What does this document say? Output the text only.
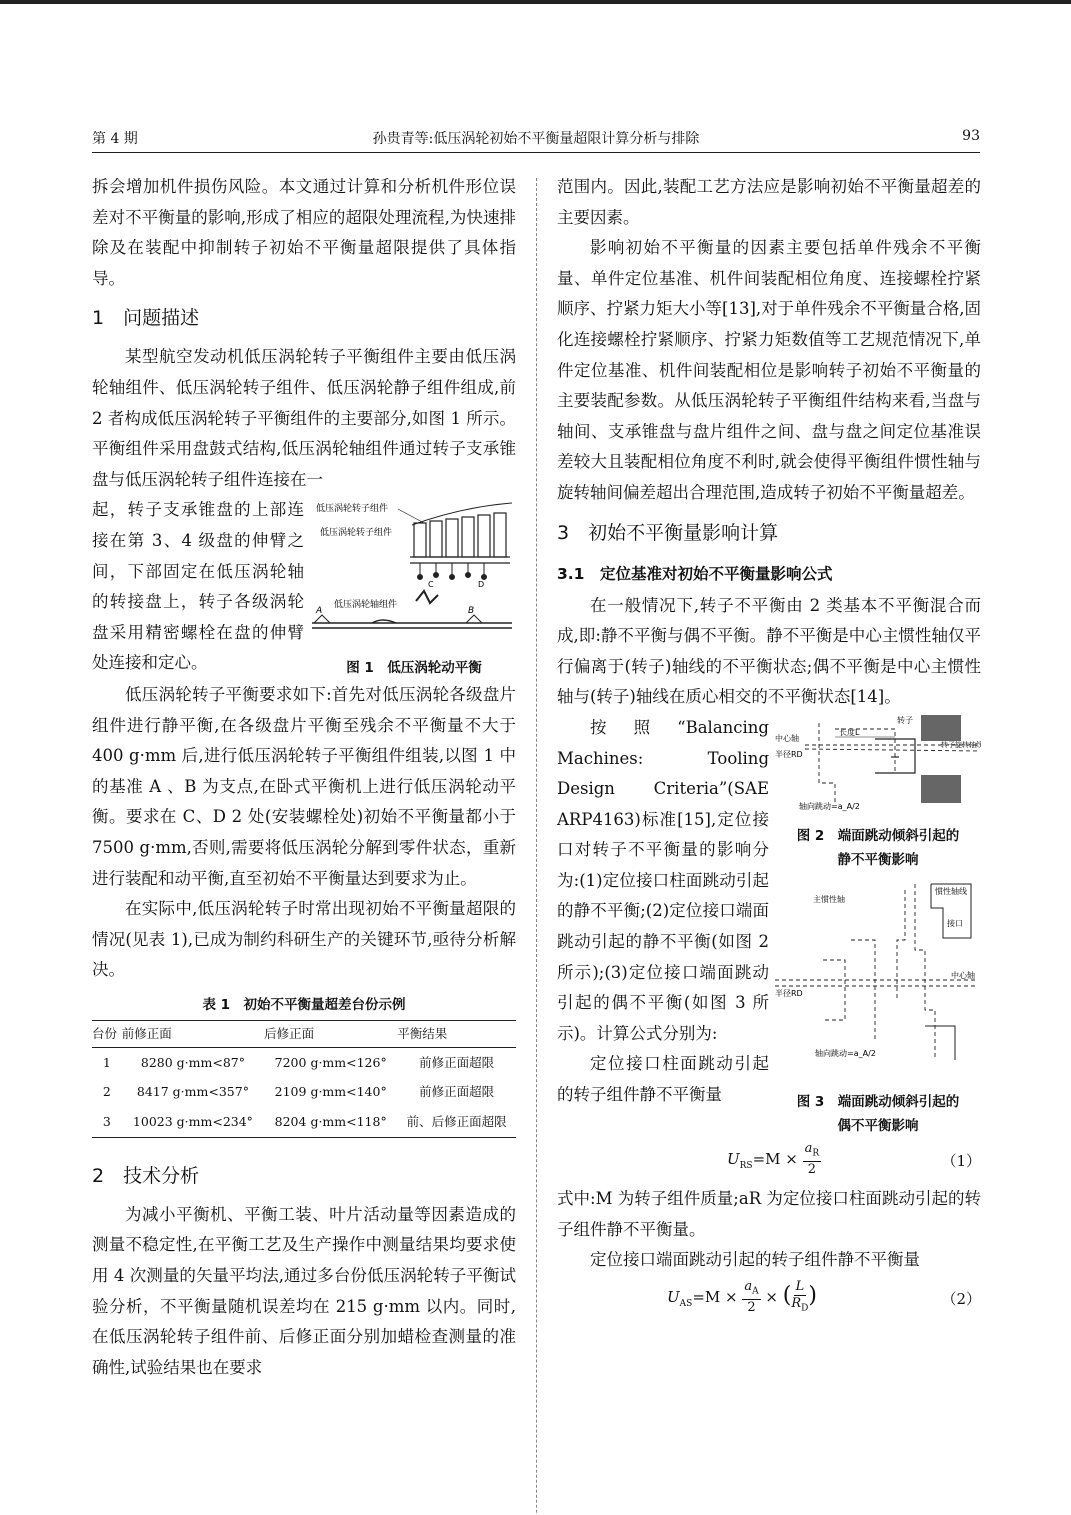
第 4 期	孙贵青等:低压涡轮初始不平衡量超限计算分析与排除	93

拆会增加机件损伤风险。本文通过计算和分析机件形位误差对不平衡量的影响,形成了相应的超限处理流程,为快速排除及在装配中抑制转子初始不平衡量超限提供了具体指导。

1　问题描述

某型航空发动机低压涡轮转子平衡组件主要由低压涡轮轴组件、低压涡轮转子组件、低压涡轮静子组件组成,前 2 者构成低压涡轮转子平衡组件的主要部分,如图 1 所示。平衡组件采用盘鼓式结构,低压涡轮轴组件通过转子支承锥盘与低压涡轮转子组件连接在一

起，转子支承锥盘的上部连接在第 3、4 级盘的伸臂之间，下部固定在低压涡轮轴的转接盘上，转子各级涡轮盘采用精密螺栓在盘的伸臂处连接和定心。

低压涡轮转子组件
低压涡轮转子组件
C	D
低压涡轮轴组件
A	B
图 1　低压涡轮动平衡

低压涡轮转子平衡要求如下:首先对低压涡轮各级盘片组件进行静平衡,在各级盘片平衡至残余不平衡量不大于 400 g·mm 后,进行低压涡轮转子平衡组件组装,以图 1 中的基准 A 、B 为支点,在卧式平衡机上进行低压涡轮动平衡。要求在 C、D 2 处(安装螺栓处)初始不平衡量都小于 7500 g·mm,否则,需要将低压涡轮分解到零件状态，重新进行装配和动平衡,直至初始不平衡量达到要求为止。

在实际中,低压涡轮转子时常出现初始不平衡量超限的情况(见表 1),已成为制约科研生产的关键环节,亟待分析解决。

表 1　初始不平衡量超差台份示例
台份	前修正面	后修正面	平衡结果
1	8280 g·mm<87°	7200 g·mm<126°	前修正面超限
2	8417 g·mm<357°	2109 g·mm<140°	前修正面超限
3	10023 g·mm<234°	8204 g·mm<118°	前、后修正面超限
2　技术分析

为减小平衡机、平衡工装、叶片活动量等因素造成的测量不稳定性,在平衡工艺及生产操作中测量结果均要求使用 4 次测量的矢量平均法,通过多台份低压涡轮转子平衡试验分析，不平衡量随机误差均在 215 g·mm 以内。同时,在低压涡轮转子组件前、后修正面分别加蜡检查测量的准确性,试验结果也在要求

范围内。因此,装配工艺方法应是影响初始不平衡量超差的主要因素。

影响初始不平衡量的因素主要包括单件残余不平衡量、单件定位基准、机件间装配相位角度、连接螺栓拧紧顺序、拧紧力矩大小等[13],对于单件残余不平衡量合格,固化连接螺栓拧紧顺序、拧紧力矩数值等工艺规范情况下,单件定位基准、机件间装配相位是影响转子初始不平衡量的主要装配参数。从低压涡轮转子平衡组件结构来看,当盘与轴间、支承锥盘与盘片组件之间、盘与盘之间定位基准误差较大且装配相位角度不利时,就会使得平衡组件惯性轴与旋转轴间偏差超出合理范围,造成转子初始不平衡量超差。

3　初始不平衡量影响计算
3.1　定位基准对初始不平衡量影响公式

在一般情况下,转子不平衡由 2 类基本不平衡混合而成,即:静不平衡与偶不平衡。静不平衡是中心主惯性轴仅平行偏离于(转子)轴线的不平衡状态;偶不平衡是中心主惯性轴与(转子)轴线在质心相交的不平衡状态[14]。

按照“Balancing Machines: Tooling Design Criteria”(SAE ARP4163)标准[15],定位接口对转子不平衡量的影响分为:(1)定位接口柱面跳动引起的静不平衡;(2)定位接口端面跳动引起的静不平衡(如图 2 所示);(3)定位接口端面跳动引起的偶不平衡(如图 3 所示)。计算公式分别为:

定位接口柱面跳动引起的转子组件静不平衡量

转子
长度L
中心轴
半径RD
转子旋转轴线
轴向跳动=a_A/2
图 2　端面跳动倾斜引起的
静不平衡影响
主惯性轴
惯性轴线
接口
中心轴
半径RD
轴向跳动=a_A/2
图 3　端面跳动倾斜引起的
偶不平衡影响
$U_{RS}=M \times \frac{a_R}{2}$	（1）

式中:M 为转子组件质量;aR 为定位接口柱面跳动引起的转子组件静不平衡量。

定位接口端面跳动引起的转子组件静不平衡量

$U_{AS}=M \times \frac{a_A}{2}$ × ( $\frac{L}{R_D}$ )	（2）
